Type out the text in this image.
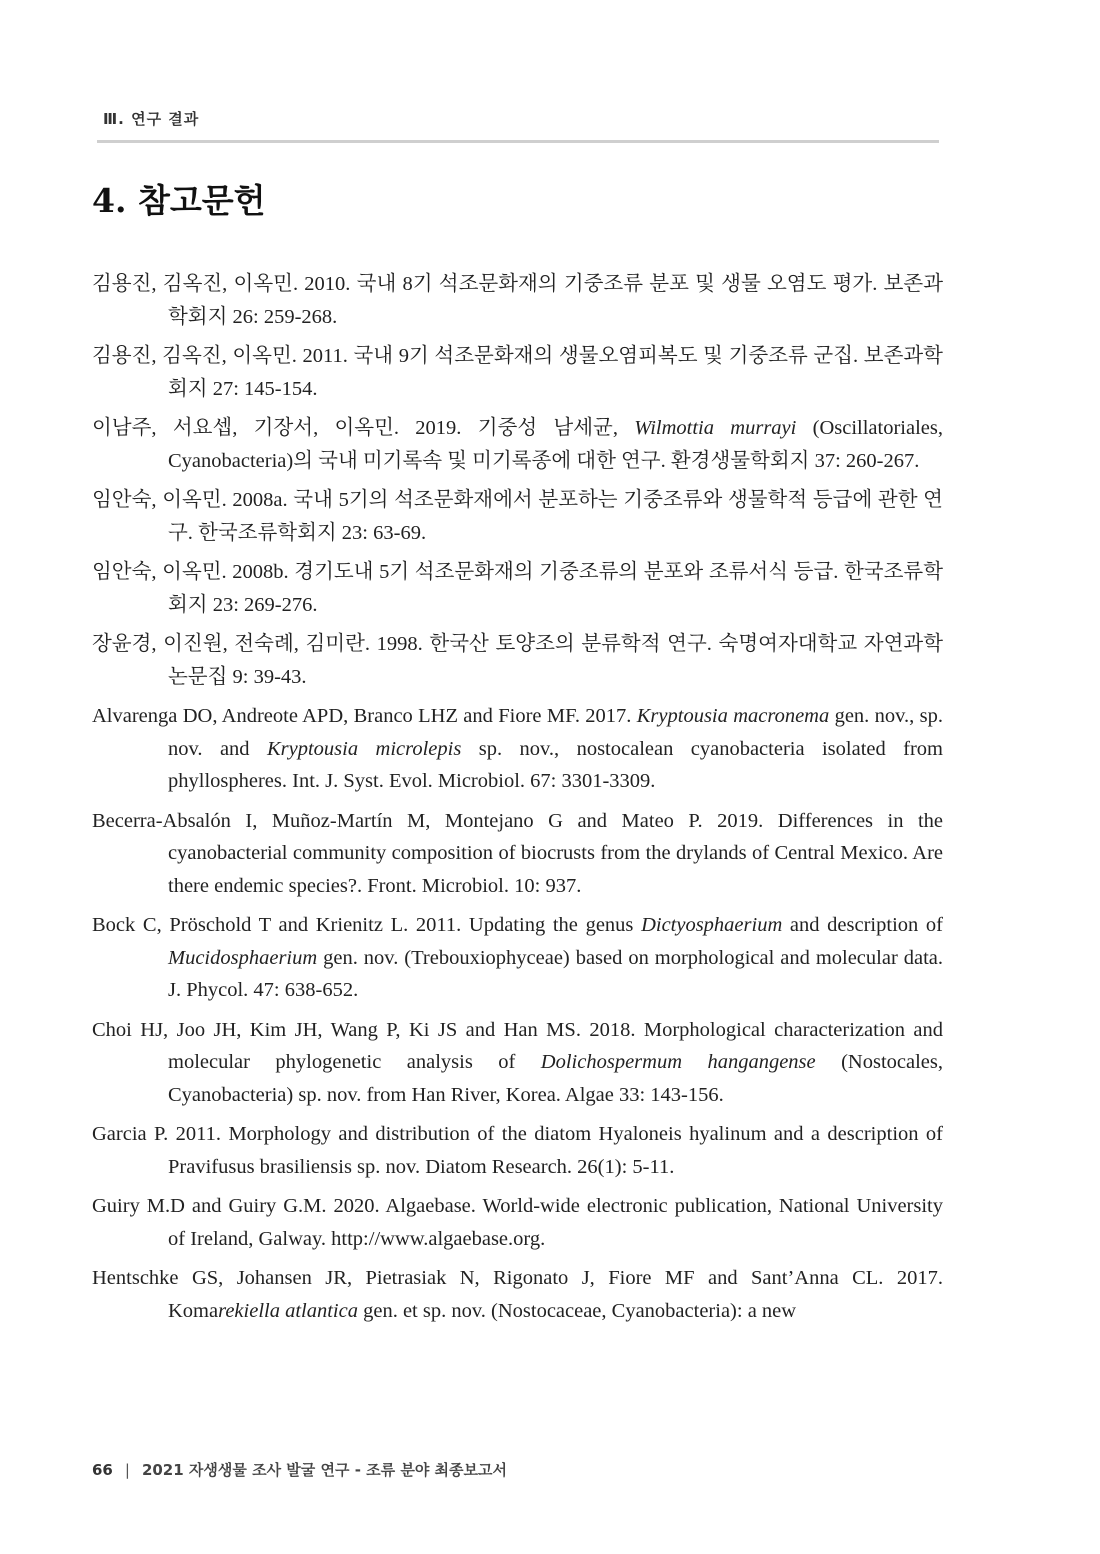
Ⅲ. 연구 결과
4. 참고문헌
김용진, 김옥진, 이옥민. 2010. 국내 8기 석조문화재의 기중조류 분포 및 생물 오염도 평가. 보존과학회지 26: 259-268.
김용진, 김옥진, 이옥민. 2011. 국내 9기 석조문화재의 생물오염피복도 및 기중조류 군집. 보존과학회지 27: 145-154.
이남주, 서요셉, 기장서, 이옥민. 2019. 기중성 남세균, Wilmottia murrayi (Oscillatoriales, Cyanobacteria)의 국내 미기록속 및 미기록종에 대한 연구. 환경생물학회지 37: 260-267.
임안숙, 이옥민. 2008a. 국내 5기의 석조문화재에서 분포하는 기중조류와 생물학적 등급에 관한 연구. 한국조류학회지 23: 63-69.
임안숙, 이옥민. 2008b. 경기도내 5기 석조문화재의 기중조류의 분포와 조류서식 등급. 한국조류학회지 23: 269-276.
장윤경, 이진원, 전숙례, 김미란. 1998. 한국산 토양조의 분류학적 연구. 숙명여자대학교 자연과학논문집 9: 39-43.
Alvarenga DO, Andreote APD, Branco LHZ and Fiore MF. 2017. Kryptousia macronema gen. nov., sp. nov. and Kryptousia microlepis sp. nov., nostocalean cyanobacteria isolated from phyllospheres. Int. J. Syst. Evol. Microbiol. 67: 3301-3309.
Becerra-Absalón I, Muñoz-Martín M, Montejano G and Mateo P. 2019. Differences in the cyanobacterial community composition of biocrusts from the drylands of Central Mexico. Are there endemic species?. Front. Microbiol. 10: 937.
Bock C, Pröschold T and Krienitz L. 2011. Updating the genus Dictyosphaerium and description of Mucidosphaerium gen. nov. (Trebouxiophyceae) based on morphological and molecular data. J. Phycol. 47: 638-652.
Choi HJ, Joo JH, Kim JH, Wang P, Ki JS and Han MS. 2018. Morphological characterization and molecular phylogenetic analysis of Dolichospermum hangangense (Nostocales, Cyanobacteria) sp. nov. from Han River, Korea. Algae 33: 143-156.
Garcia P. 2011. Morphology and distribution of the diatom Hyaloneis hyalinum and a description of Pravifusus brasiliensis sp. nov. Diatom Research. 26(1): 5-11.
Guiry M.D and Guiry G.M. 2020. Algaebase. World-wide electronic publication, National University of Ireland, Galway. http://www.algaebase.org.
Hentschke GS, Johansen JR, Pietrasiak N, Rigonato J, Fiore MF and Sant’Anna CL. 2017. Komarekiella atlantica gen. et sp. nov. (Nostocaceae, Cyanobacteria): a new
66 | 2021 자생생물 조사 발굴 연구 - 조류 분야 최종보고서
